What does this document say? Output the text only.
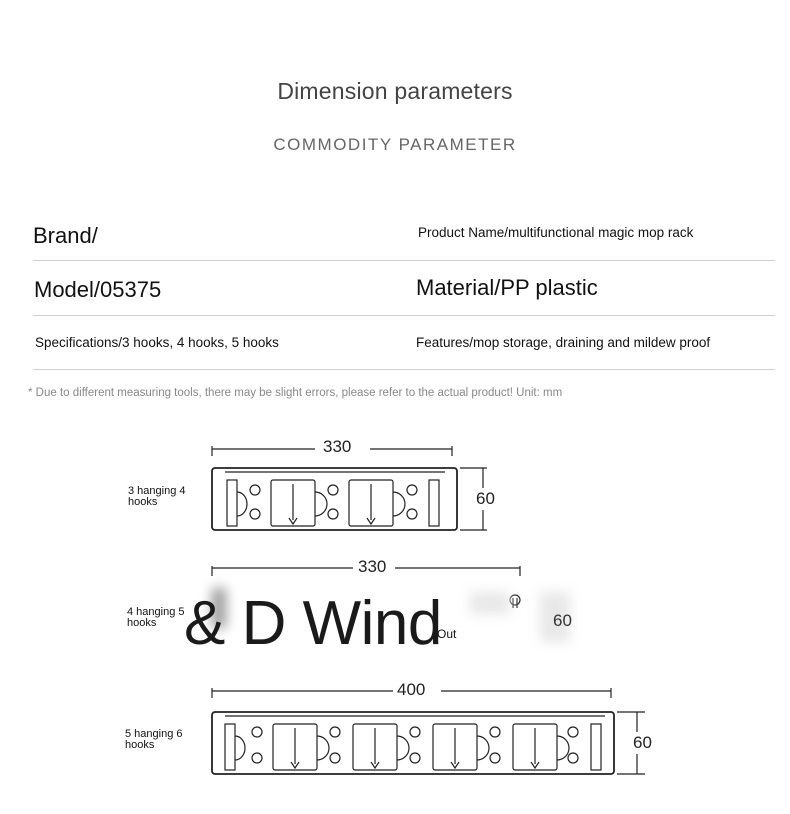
Dimension parameters
COMMODITY PARAMETER
Brand/	Product Name/multifunctional magic mop rack
Model/05375	Material/PP plastic
Specifications/3 hooks, 4 hooks, 5 hooks	Features/mop storage, draining and mildew proof
* Due to different measuring tools, there may be slight errors, please refer to the actual product! Unit: mm
3 hanging 4 hooks
330
60
4 hanging 5 hooks
330
60
& D Wind
Out
5 hanging 6 hooks
400
60
